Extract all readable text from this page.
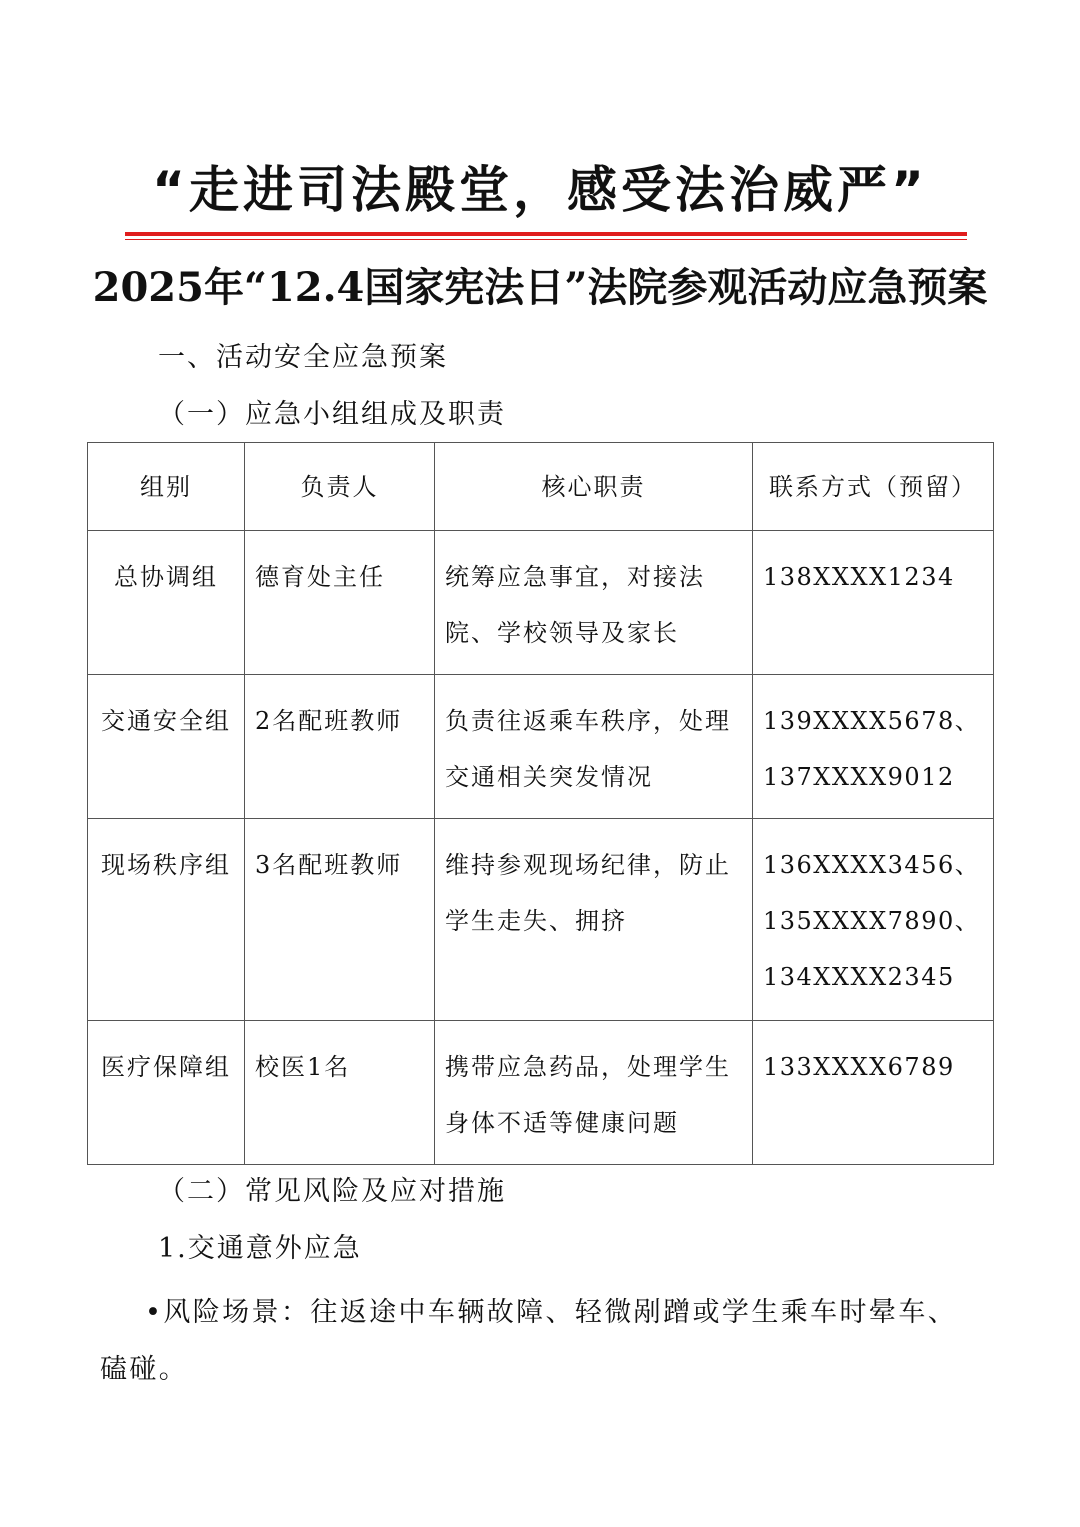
“走进司法殿堂，感受法治威严”
2025年“12.4国家宪法日”法院参观活动应急预案
一、活动安全应急预案
（一）应急小组组成及职责
组别	负责人	核心职责	联系方式（预留）
总协调组	德育处主任	统筹应急事宜，对接法院、学校领导及家长	138XXXX1234

交通安全组	2名配班教师	负责往返乘车秩序，处理交通相关突发情况	139XXXX5678、
137XXXX9012

现场秩序组	3名配班教师	维持参观现场纪律，防止学生走失、拥挤	136XXXX3456、
135XXXX7890、
134XXXX2345

医疗保障组	校医1名	携带应急药品，处理学生身体不适等健康问题	133XXXX6789
（二）常见风险及应对措施
1.交通意外应急
•风险场景：往返途中车辆故障、轻微剐蹭或学生乘车时晕车、磕碰。
